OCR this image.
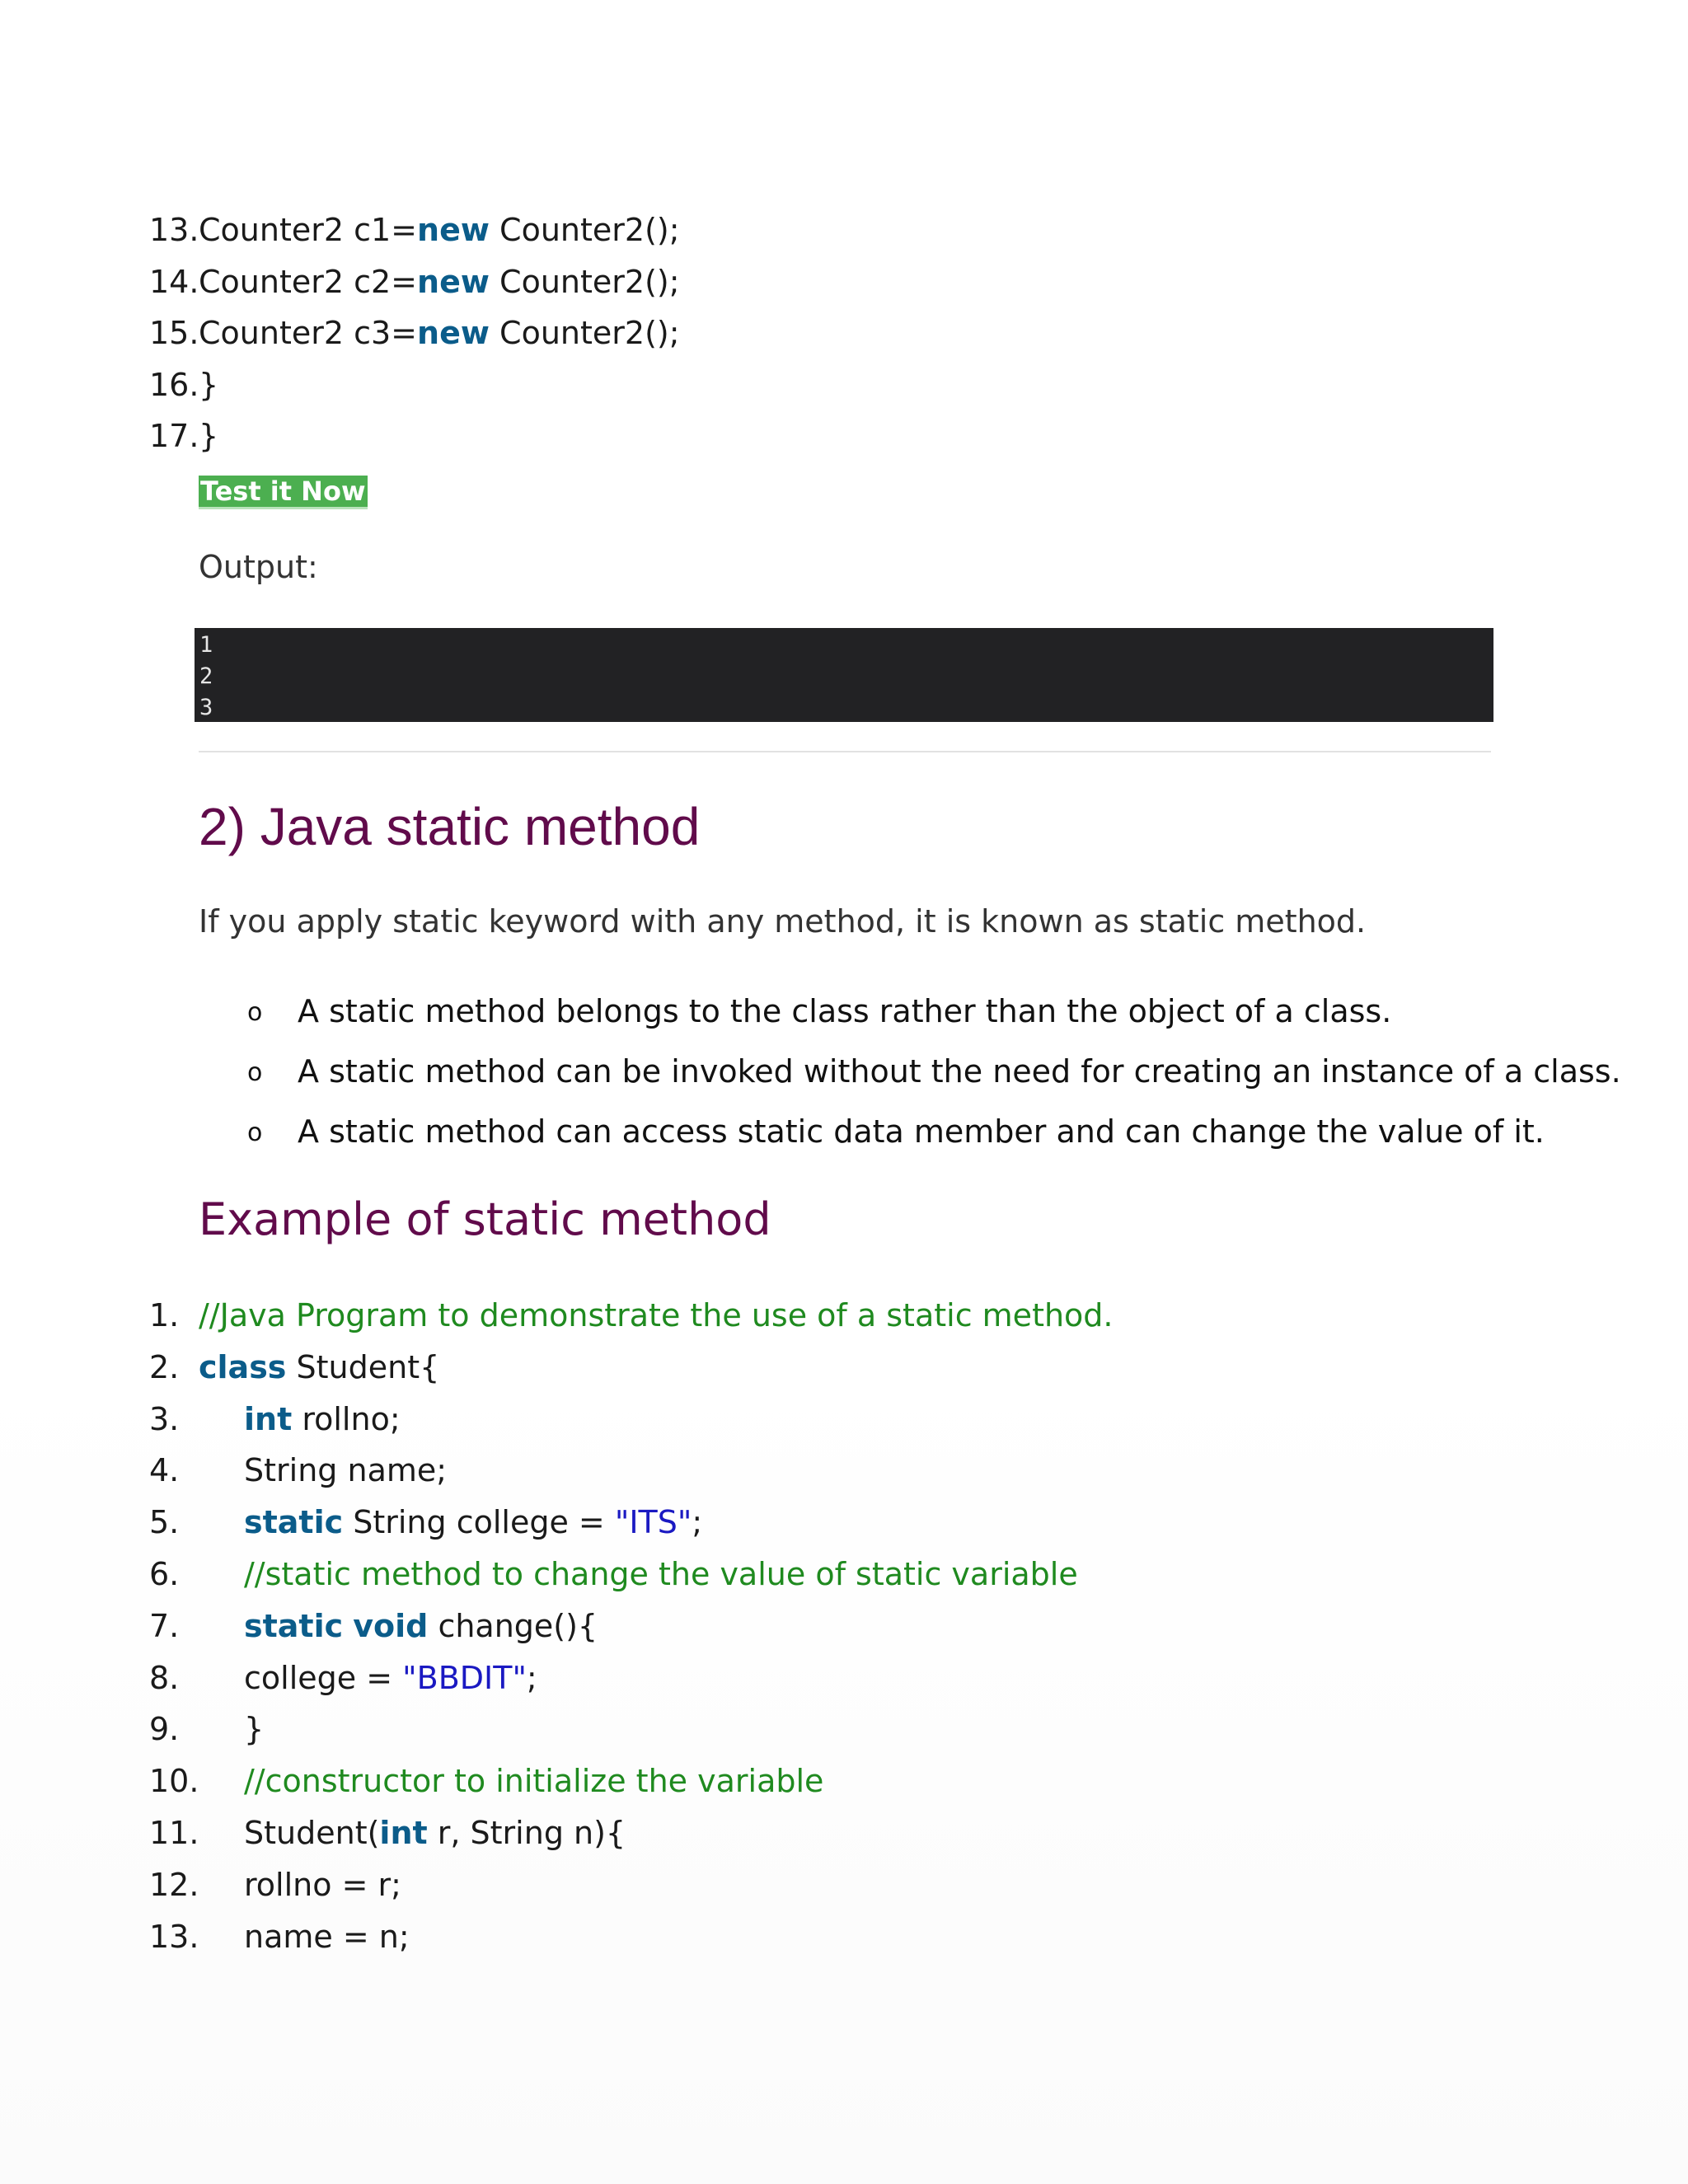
13. Counter2 c1=new Counter2();
14. Counter2 c2=new Counter2();
15. Counter2 c3=new Counter2();
16. }
17. }
Test it Now
Output:
1
2
3
2) Java static method
If you apply static keyword with any method, it is known as static method.
o A static method belongs to the class rather than the object of a class.
o A static method can be invoked without the need for creating an instance of a class.
o A static method can access static data member and can change the value of it.
Example of static method
1. //Java Program to demonstrate the use of a static method.
2. class Student{
3. int rollno;
4. String name;
5. static String college = "ITS";
6. //static method to change the value of static variable
7. static void change(){
8. college = "BBDIT";
9. }
10. //constructor to initialize the variable
11. Student(int r, String n){
12. rollno = r;
13. name = n;
